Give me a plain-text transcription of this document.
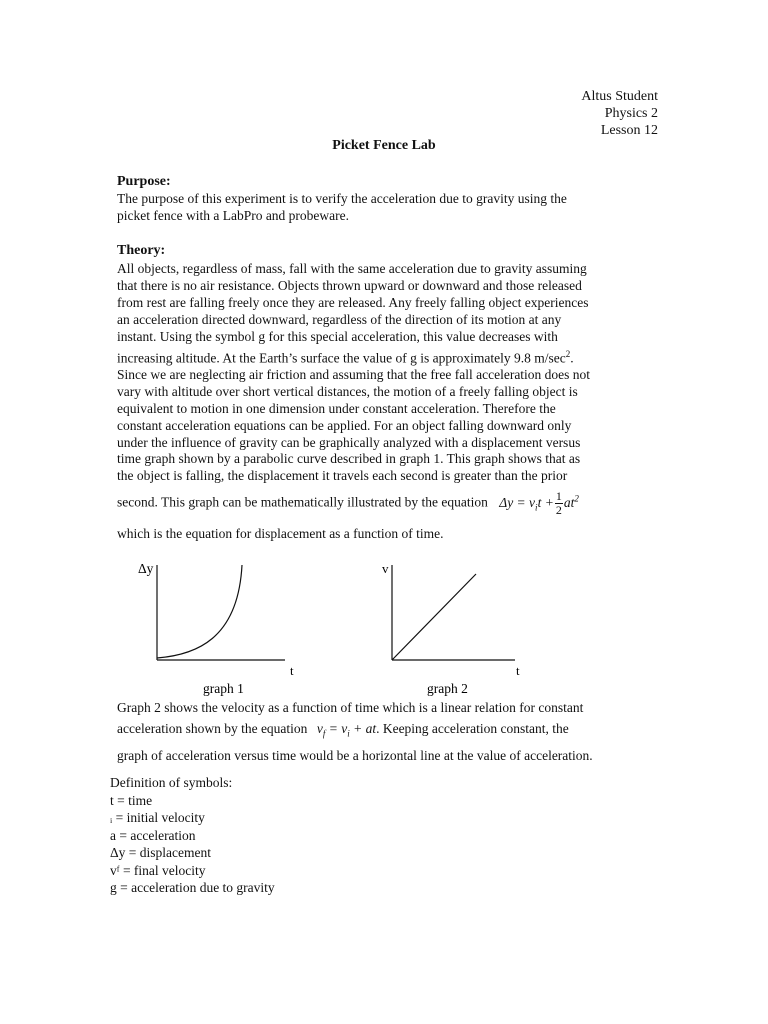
Altus Student
Physics 2
Lesson 12
Picket Fence Lab
Purpose:
The purpose of this experiment is to verify the acceleration due to gravity using the
picket fence with a LabPro and probeware.
Theory:
All objects, regardless of mass, fall with the same acceleration due to gravity assuming
that there is no air resistance. Objects thrown upward or downward and those released
from rest are falling freely once they are released. Any freely falling object experiences
an acceleration directed downward, regardless of the direction of its motion at any
instant. Using the symbol g for this special acceleration, this value decreases with
increasing altitude. At the Earth’s surface the value of g is approximately 9.8 $m/\sec^2$.
Since we are neglecting air friction and assuming that the free fall acceleration does not
vary with altitude over short vertical distances, the motion of a freely falling object is
equivalent to motion in one dimension under constant acceleration. Therefore the
constant acceleration equations can be applied. For an object falling downward only
under the influence of gravity can be graphically analyzed with a displacement versus
time graph shown by a parabolic curve described in graph 1. This graph shows that as
the object is falling, the displacement it travels each second is greater than the prior
second. This graph can be mathematically illustrated by the equation $\Delta y = v_it + \frac{1}{2} at^2$
which is the equation for displacement as a function of time.
Δy
t
graph 1
v
t
graph 2
Graph 2 shows the velocity as a function of time which is a linear relation for constant
acceleration shown by the equation $v_f = v_i$ + at. Keeping acceleration constant, the
graph of acceleration versus time would be a horizontal line at the value of acceleration.
Definition of symbols:
t = time
ᵢ = initial velocity
a = acceleration
Δy = displacement
vᶠ = final velocity
g = acceleration due to gravity
